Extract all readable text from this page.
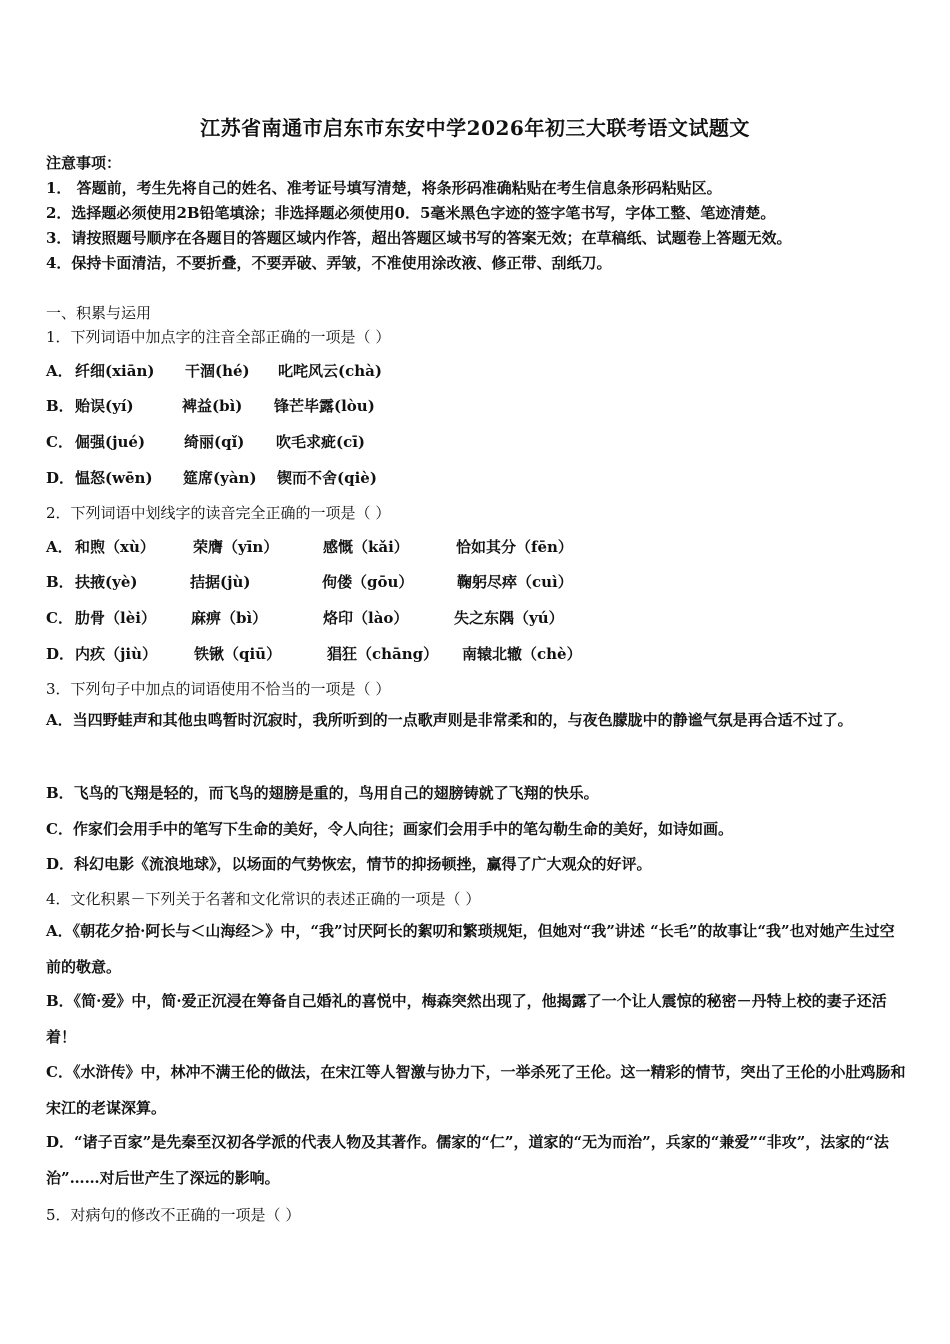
江苏省南通市启东市东安中学2026年初三大联考语文试题文
注意事项：
1． 答题前，考生先将自己的姓名、准考证号填写清楚，将条形码准确粘贴在考生信息条形码粘贴区。
2．选择题必须使用2B铅笔填涂；非选择题必须使用0．5毫米黑色字迹的签字笔书写，字体工整、笔迹清楚。
3．请按照题号顺序在各题目的答题区域内作答，超出答题区域书写的答案无效；在草稿纸、试题卷上答题无效。
4．保持卡面清洁，不要折叠，不要弄破、弄皱，不准使用涂改液、修正带、刮纸刀。
一、积累与运用
1．下列词语中加点字的注音全部正确的一项是（ ）
A． 纤细(xiān) 干涸(hé) 叱咤风云(chà)
B． 贻误(yí)	裨益(bì) 锋芒毕露(lòu)
C． 倔强(jué)	绮丽(qǐ) 吹毛求疵(cī)
D． 愠怒(wēn) 筵席(yàn) 锲而不舍(qiè)
2．下列词语中划线字的读音完全正确的一项是（ ）
A． 和煦（xù）	荣膺（yīn）	感慨（kǎi）	恰如其分（fēn）
B． 扶掖(yè)	拮据(jù)	佝偻（gōu）	鞠躬尽瘁（cuì）
C． 肋骨（lèi） 麻痹（bì）	烙印（lào）	失之东隅（yú）
D． 内疚（jiù） 铁锹（qiū）	猖狂（chāng） 南辕北辙（chè）
3．下列句子中加点的词语使用不恰当的一项是（ ）
A．当四野蛙声和其他虫鸣暂时沉寂时，我所听到的一点歌声则是非常柔和的，与夜色朦胧中的静谧气氛是再合适不过了。
B．飞鸟的飞翔是轻的，而飞鸟的翅膀是重的，鸟用自己的翅膀铸就了飞翔的快乐。
C．作家们会用手中的笔写下生命的美好，令人向往；画家们会用手中的笔勾勒生命的美好，如诗如画。
D．科幻电影《流浪地球》，以场面的气势恢宏，情节的抑扬顿挫，赢得了广大观众的好评。
4．文化积累－下列关于名著和文化常识的表述正确的一项是（ ）
A．《朝花夕拾·阿长与＜山海经＞》中，“我”讨厌阿长的絮叨和繁琐规矩，但她对“我”讲述 “长毛”的故事让“我”也对她产生过空前的敬意。
B．《简·爱》中，简·爱正沉浸在筹备自己婚礼的喜悦中，梅森突然出现了，他揭露了一个让人震惊的秘密－丹特上校的妻子还活着！
C．《水浒传》中，林冲不满王伦的做法，在宋江等人智激与协力下，一举杀死了王伦。这一精彩的情节，突出了王伦的小肚鸡肠和宋江的老谋深算。
D．“诸子百家”是先秦至汉初各学派的代表人物及其著作。儒家的“仁”，道家的“无为而治”，兵家的“兼爱”“非攻”，法家的“法治”……对后世产生了深远的影响。
5．对病句的修改不正确的一项是（ ）
